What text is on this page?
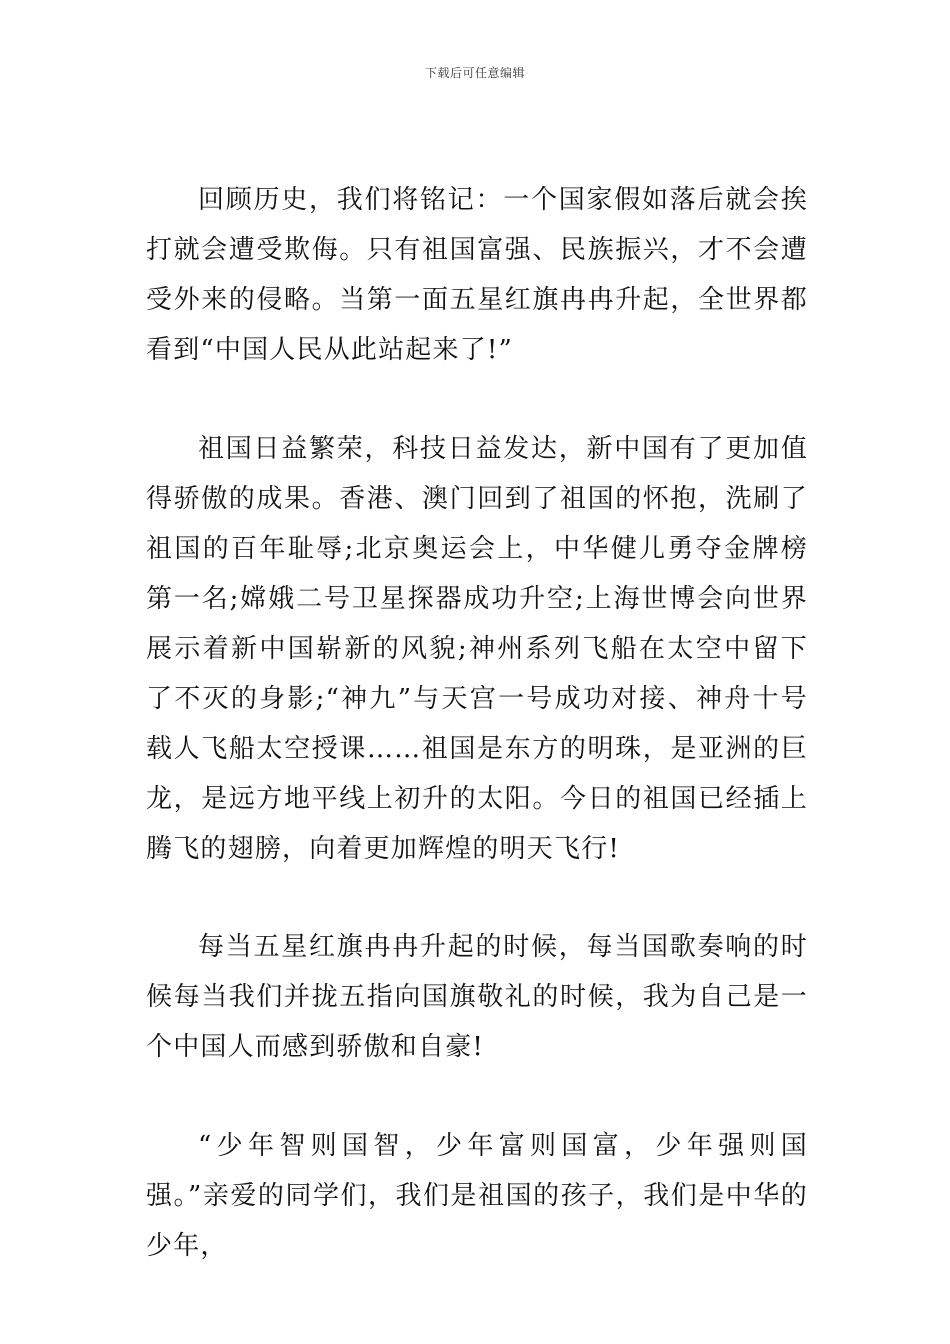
下载后可任意编辑

回顾历史，我们将铭记：一个国家假如落后就会挨打就会遭受欺侮。只有祖国富强、民族振兴，才不会遭受外来的侵略。当第一面五星红旗冉冉升起，全世界都看到“中国人民从此站起来了!”

祖国日益繁荣，科技日益发达，新中国有了更加值得骄傲的成果。香港、澳门回到了祖国的怀抱，洗刷了祖国的百年耻辱;北京奥运会上，中华健儿勇夺金牌榜第一名;嫦娥二号卫星探器成功升空;上海世博会向世界展示着新中国崭新的风貌;神州系列飞船在太空中留下了不灭的身影;“神九”与天宫一号成功对接、神舟十号载人飞船太空授课……祖国是东方的明珠，是亚洲的巨龙，是远方地平线上初升的太阳。今日的祖国已经插上腾飞的翅膀，向着更加辉煌的明天飞行!

每当五星红旗冉冉升起的时候，每当国歌奏响的时候每当我们并拢五指向国旗敬礼的时候，我为自己是一个中国人而感到骄傲和自豪!

“少年智则国智，少年富则国富，少年强则国强。”亲爱的同学们，我们是祖国的孩子，我们是中华的少年，
